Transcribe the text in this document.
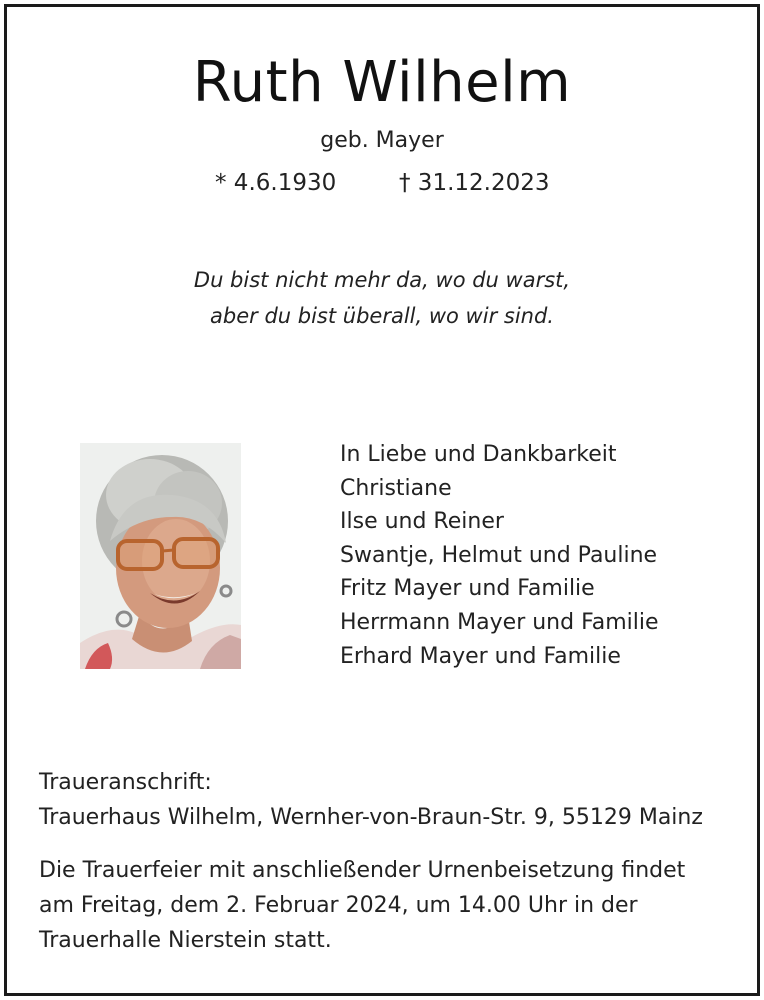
Ruth Wilhelm
geb. Mayer
* 4.6.1930	† 31.12.2023
Du bist nicht mehr da, wo du warst,
aber du bist überall, wo wir sind.
In Liebe und Dankbarkeit
Christiane
Ilse und Reiner
Swantje, Helmut und Pauline
Fritz Mayer und Familie
Herrmann Mayer und Familie
Erhard Mayer und Familie
Traueranschrift:
Trauerhaus Wilhelm, Wernher-von-Braun-Str. 9, 55129 Mainz
Die Trauerfeier mit anschließender Urnenbeisetzung findet
am Freitag, dem 2. Februar 2024, um 14.00 Uhr in der
Trauerhalle Nierstein statt.
